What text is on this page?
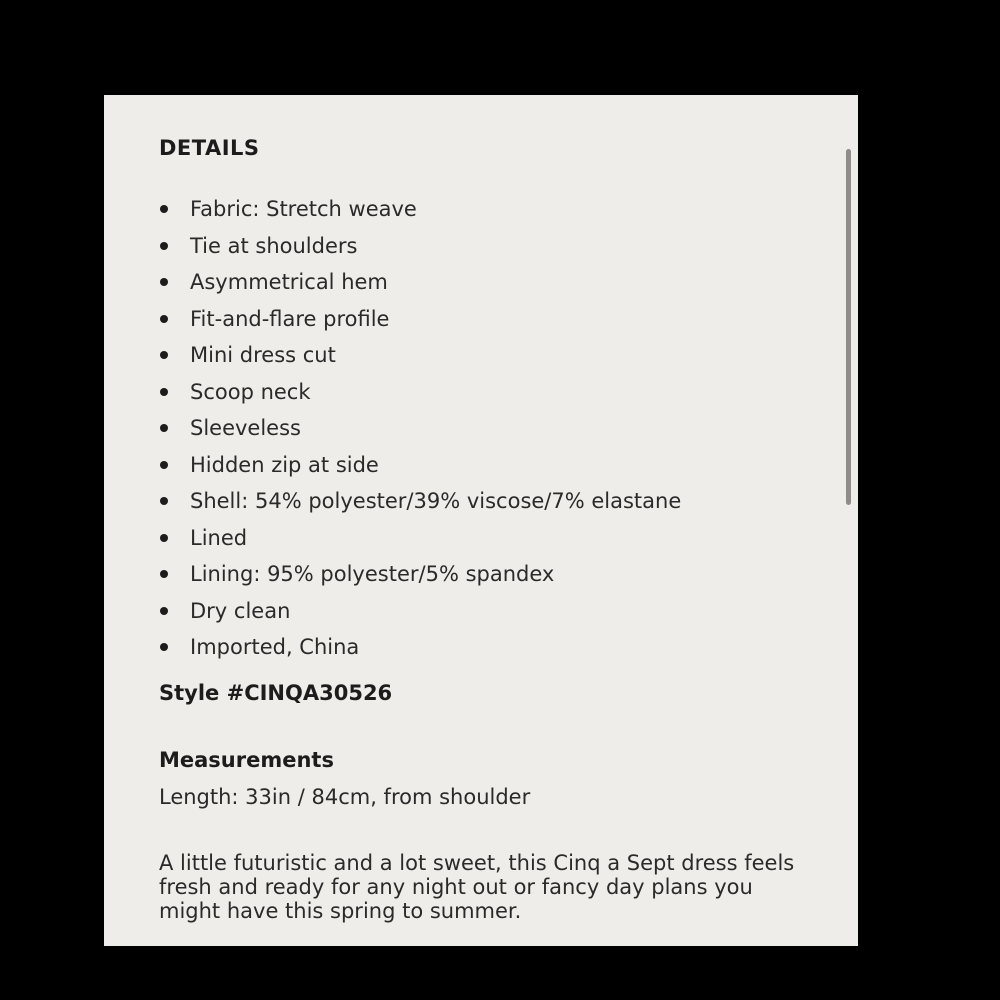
DETAILS
Fabric: Stretch weave
Tie at shoulders
Asymmetrical hem
Fit-and-flare profile
Mini dress cut
Scoop neck
Sleeveless
Hidden zip at side
Shell: 54% polyester/39% viscose/7% elastane
Lined
Lining: 95% polyester/5% spandex
Dry clean
Imported, China

Style #CINQA30526

Measurements

Length: 33in / 84cm, from shoulder

A little futuristic and a lot sweet, this Cinq a Sept dress feels fresh and ready for any night out or fancy day plans you might have this spring to summer.
